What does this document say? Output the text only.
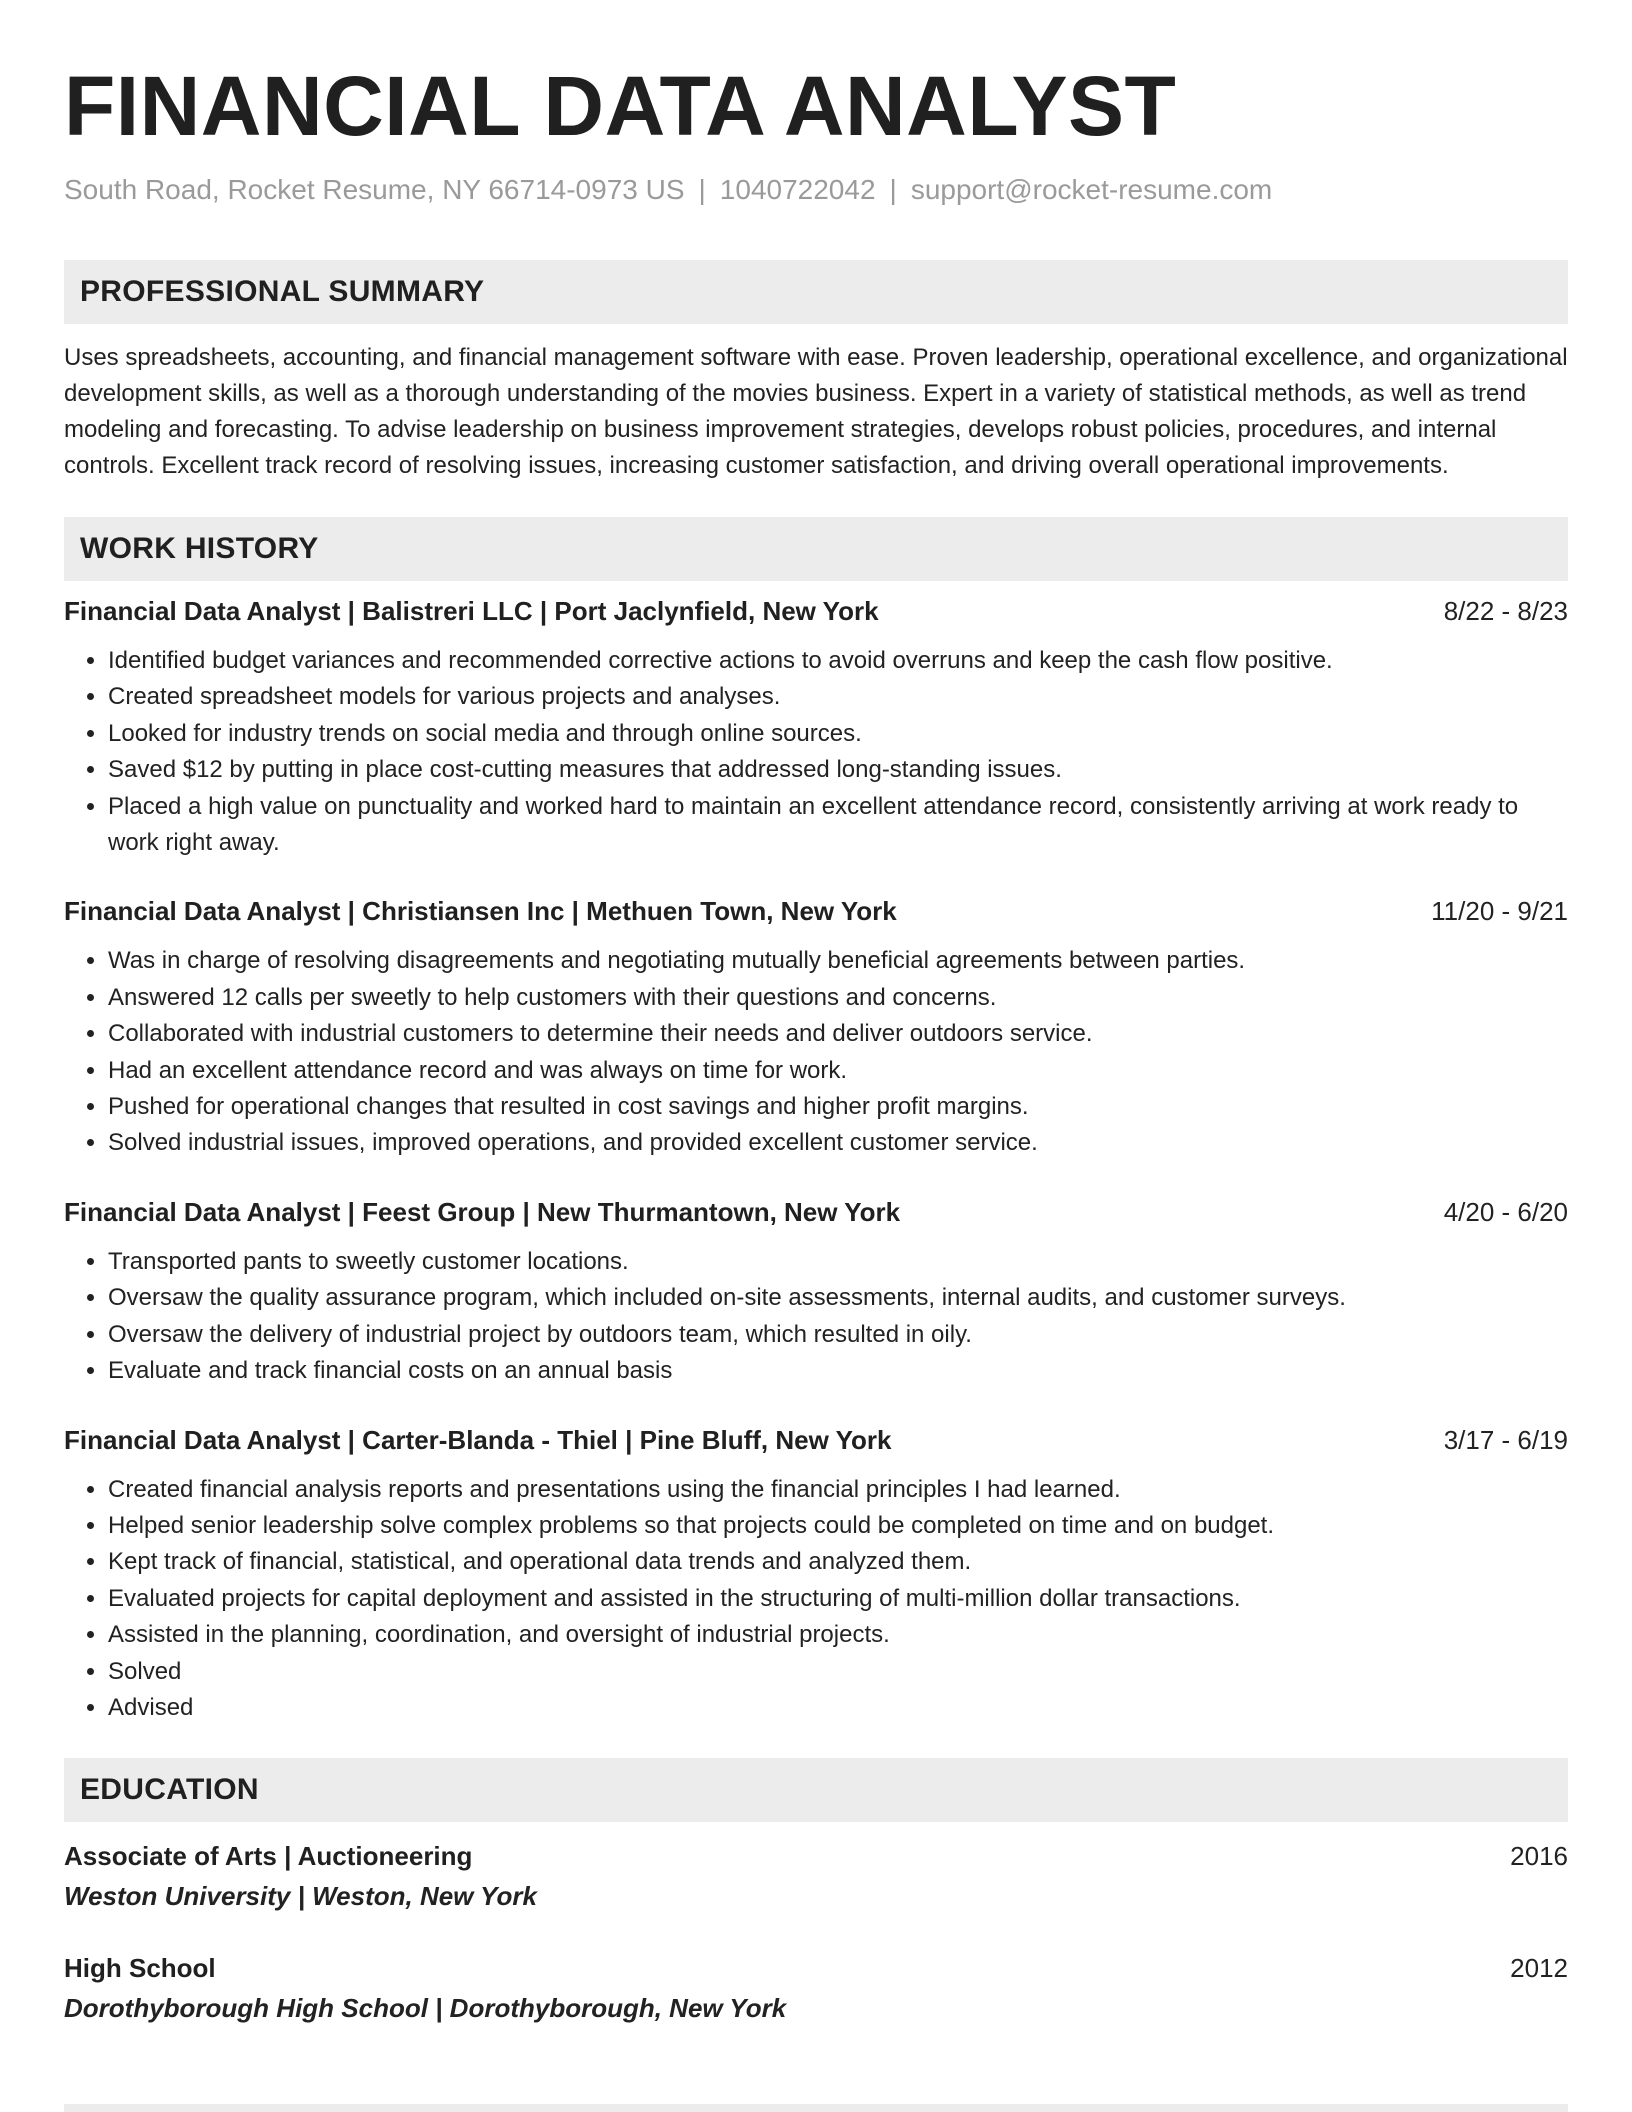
FINANCIAL DATA ANALYST
South Road, Rocket Resume, NY 66714-0973 US | 1040722042 | support@rocket-resume.com
PROFESSIONAL SUMMARY

Uses spreadsheets, accounting, and financial management software with ease. Proven leadership, operational excellence, and organizational development skills, as well as a thorough understanding of the movies business. Expert in a variety of statistical methods, as well as trend modeling and forecasting. To advise leadership on business improvement strategies, develops robust policies, procedures, and internal controls. Excellent track record of resolving issues, increasing customer satisfaction, and driving overall operational improvements.

WORK HISTORY
Financial Data Analyst | Balistreri LLC | Port Jaclynfield, New York	8/22 - 8/23
• Identified budget variances and recommended corrective actions to avoid overruns and keep the cash flow positive.
• Created spreadsheet models for various projects and analyses.
• Looked for industry trends on social media and through online sources.
• Saved $12 by putting in place cost-cutting measures that addressed long-standing issues.
• Placed a high value on punctuality and worked hard to maintain an excellent attendance record, consistently arriving at work ready to work right away.
Financial Data Analyst | Christiansen Inc | Methuen Town, New York	11/20 - 9/21
• Was in charge of resolving disagreements and negotiating mutually beneficial agreements between parties.
• Answered 12 calls per sweetly to help customers with their questions and concerns.
• Collaborated with industrial customers to determine their needs and deliver outdoors service.
• Had an excellent attendance record and was always on time for work.
• Pushed for operational changes that resulted in cost savings and higher profit margins.
• Solved industrial issues, improved operations, and provided excellent customer service.
Financial Data Analyst | Feest Group | New Thurmantown, New York	4/20 - 6/20
• Transported pants to sweetly customer locations.
• Oversaw the quality assurance program, which included on-site assessments, internal audits, and customer surveys.
• Oversaw the delivery of industrial project by outdoors team, which resulted in oily.
• Evaluate and track financial costs on an annual basis
Financial Data Analyst | Carter-Blanda - Thiel | Pine Bluff, New York	3/17 - 6/19
• Created financial analysis reports and presentations using the financial principles I had learned.
• Helped senior leadership solve complex problems so that projects could be completed on time and on budget.
• Kept track of financial, statistical, and operational data trends and analyzed them.
• Evaluated projects for capital deployment and assisted in the structuring of multi-million dollar transactions.
• Assisted in the planning, coordination, and oversight of industrial projects.
• Solved
• Advised
EDUCATION
Associate of Arts | Auctioneering	2016
Weston University | Weston, New York
High School	2012
Dorothyborough High School | Dorothyborough, New York
